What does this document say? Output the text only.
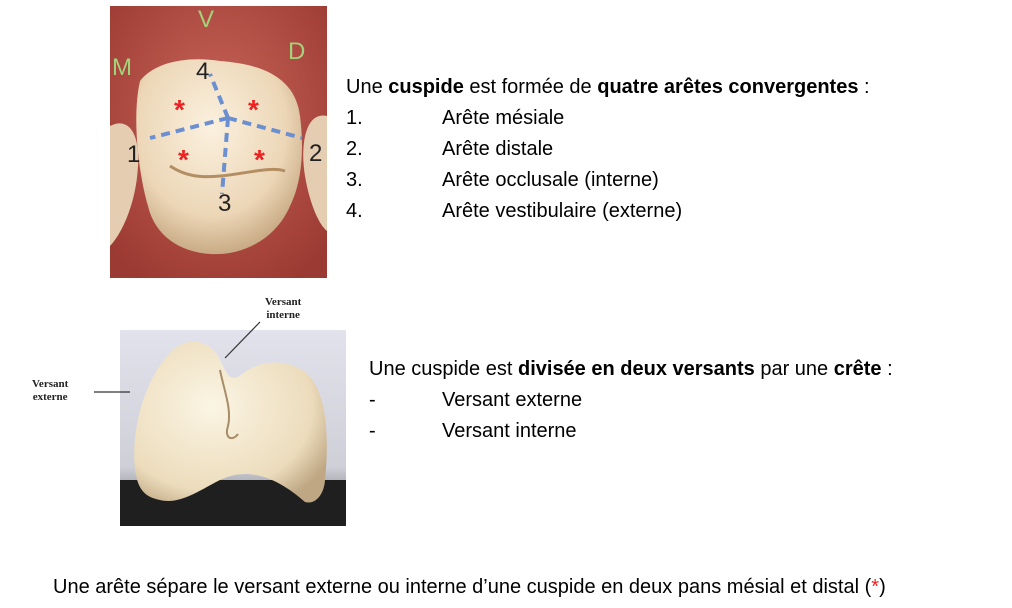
V
M
D
4
1	2
3
* *
* *
Une cuspide est formée de quatre arêtes convergentes :
1.	Arête mésiale
2.	Arête distale
3.	Arête occlusale (interne)
4.	Arête vestibulaire (externe)
Versant
interne
Versant
externe
Une cuspide est divisée en deux versants par une crête :
-	Versant externe
-	Versant interne
Une arête sépare le versant externe ou interne d’une cuspide en deux pans mésial et distal (*)
